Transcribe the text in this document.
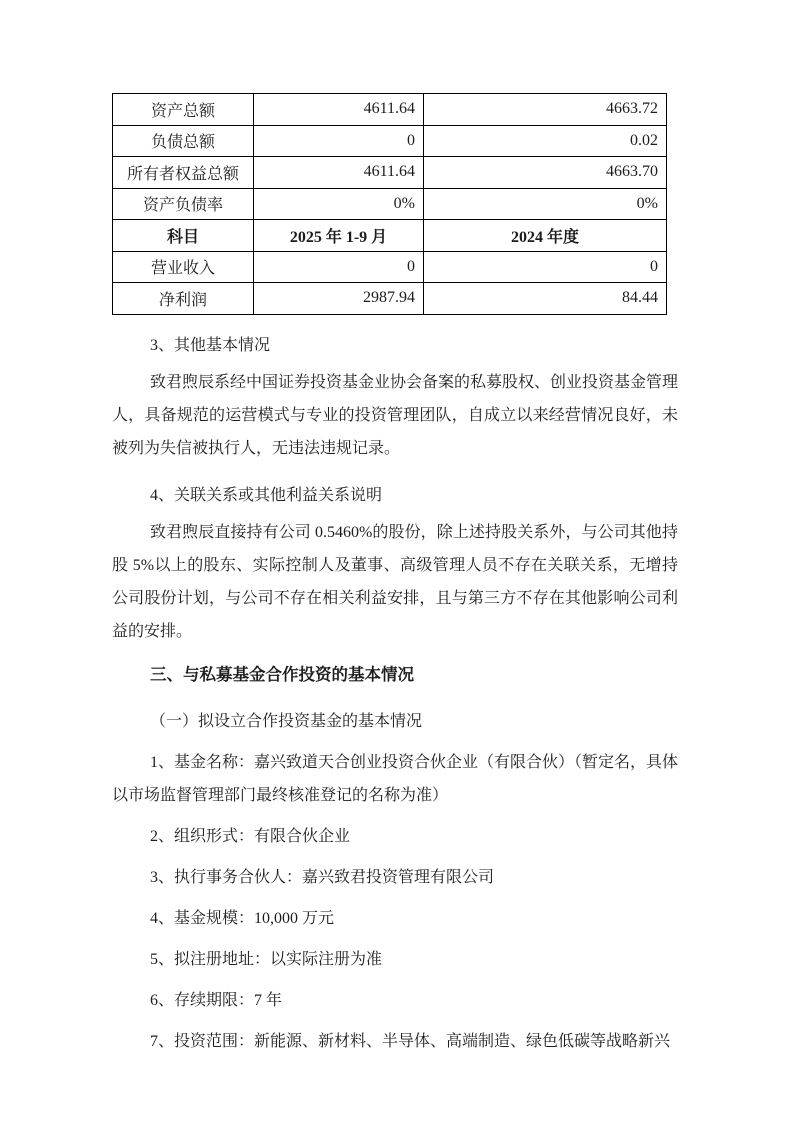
资产总额	4611.64	4663.72
负债总额	0	0.02
所有者权益总额	4611.64	4663.70
资产负债率	0%	0%
科目	2025 年 1-9 月	2024 年度
营业收入	0	0
净利润	2987.94	84.44

3、其他基本情况

致君煦辰系经中国证券投资基金业协会备案的私募股权、创业投资基金管理人，具备规范的运营模式与专业的投资管理团队，自成立以来经营情况良好，未被列为失信被执行人，无违法违规记录。

4、关联关系或其他利益关系说明

致君煦辰直接持有公司 0.5460%的股份，除上述持股关系外，与公司其他持股 5%以上的股东、实际控制人及董事、高级管理人员不存在关联关系，无增持公司股份计划，与公司不存在相关利益安排，且与第三方不存在其他影响公司利益的安排。

三、与私募基金合作投资的基本情况

（一）拟设立合作投资基金的基本情况

1、基金名称：嘉兴致道天合创业投资合伙企业（有限合伙）（暂定名，具体以市场监督管理部门最终核准登记的名称为准）

2、组织形式：有限合伙企业

3、执行事务合伙人：嘉兴致君投资管理有限公司

4、基金规模：10,000 万元

5、拟注册地址：以实际注册为准

6、存续期限：7 年

7、投资范围：新能源、新材料、半导体、高端制造、绿色低碳等战略新兴
